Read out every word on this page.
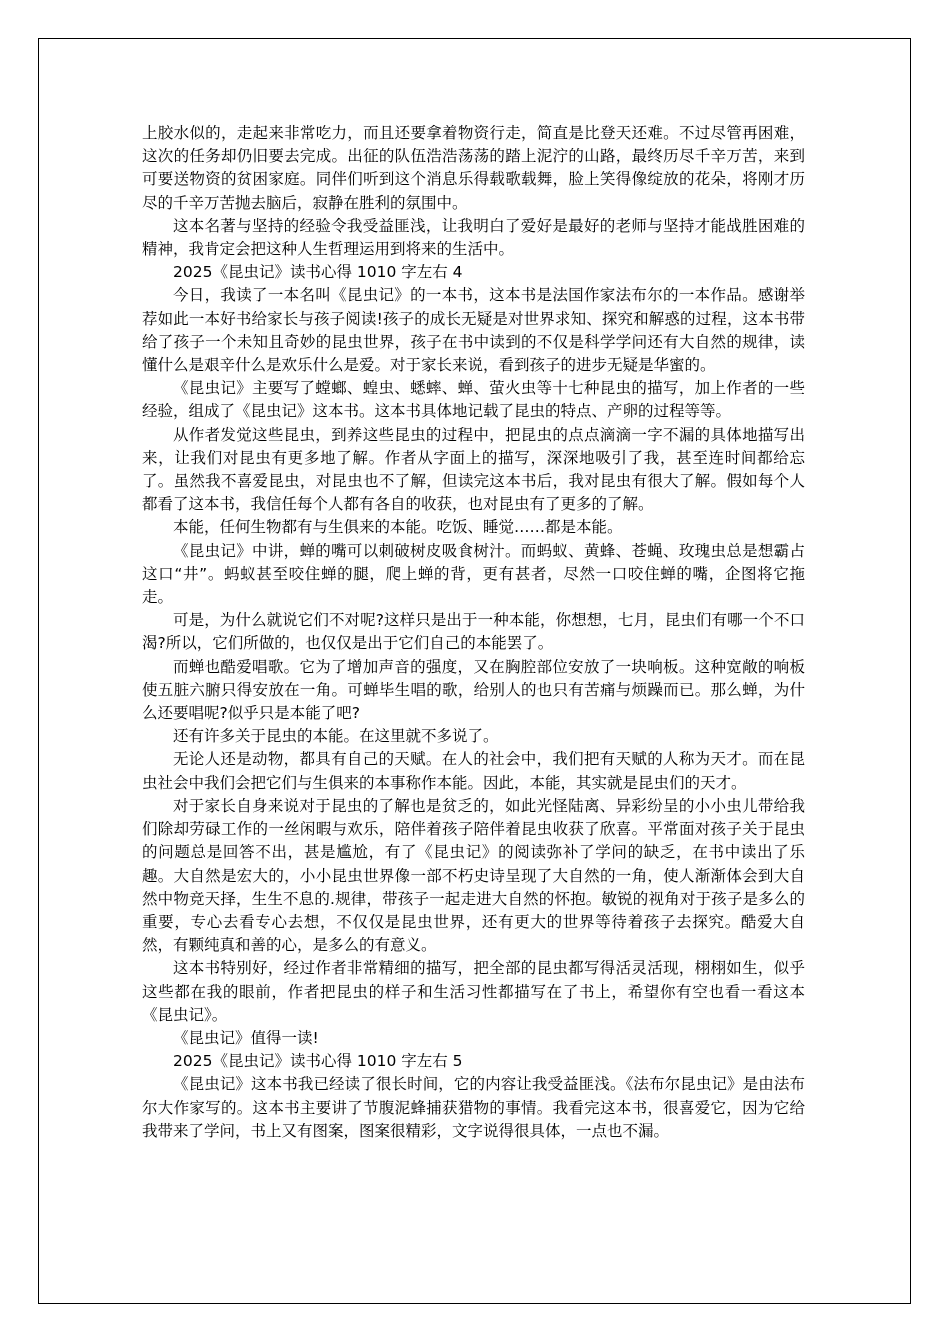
上胶水似的，走起来非常吃力，而且还要拿着物资行走，简直是比登天还难。不过尽管再困难，这次的任务却仍旧要去完成。出征的队伍浩浩荡荡的踏上泥泞的山路，最终历尽千辛万苦，来到可要送物资的贫困家庭。同伴们听到这个消息乐得载歌载舞，脸上笑得像绽放的花朵，将刚才历尽的千辛万苦抛去脑后，寂静在胜利的氛围中。

这本名著与坚持的经验令我受益匪浅，让我明白了爱好是最好的老师与坚持才能战胜困难的精神，我肯定会把这种人生哲理运用到将来的生活中。

2025《昆虫记》读书心得 1010 字左右 4

今日，我读了一本名叫《昆虫记》的一本书，这本书是法国作家法布尔的一本作品。感谢举荐如此一本好书给家长与孩子阅读!孩子的成长无疑是对世界求知、探究和解惑的过程，这本书带给了孩子一个未知且奇妙的昆虫世界，孩子在书中读到的不仅是科学学问还有大自然的规律，读懂什么是艰辛什么是欢乐什么是爱。对于家长来说，看到孩子的进步无疑是华蜜的。

《昆虫记》主要写了螳螂、蝗虫、蟋蟀、蝉、萤火虫等十七种昆虫的描写，加上作者的一些经验，组成了《昆虫记》这本书。这本书具体地记载了昆虫的特点、产卵的过程等等。

从作者发觉这些昆虫，到养这些昆虫的过程中，把昆虫的点点滴滴一字不漏的具体地描写出来，让我们对昆虫有更多地了解。作者从字面上的描写，深深地吸引了我，甚至连时间都给忘了。虽然我不喜爱昆虫，对昆虫也不了解，但读完这本书后，我对昆虫有很大了解。假如每个人都看了这本书，我信任每个人都有各自的收获，也对昆虫有了更多的了解。

本能，任何生物都有与生俱来的本能。吃饭、睡觉……都是本能。

《昆虫记》中讲，蝉的嘴可以刺破树皮吸食树汁。而蚂蚁、黄蜂、苍蝇、玫瑰虫总是想霸占这口“井”。蚂蚁甚至咬住蝉的腿，爬上蝉的背，更有甚者，尽然一口咬住蝉的嘴，企图将它拖走。

可是，为什么就说它们不对呢?这样只是出于一种本能，你想想，七月，昆虫们有哪一个不口渴?所以，它们所做的，也仅仅是出于它们自己的本能罢了。

而蝉也酷爱唱歌。它为了增加声音的强度，又在胸腔部位安放了一块响板。这种宽敞的响板使五脏六腑只得安放在一角。可蝉毕生唱的歌，给别人的也只有苦痛与烦躁而已。那么蝉，为什么还要唱呢?似乎只是本能了吧?

还有许多关于昆虫的本能。在这里就不多说了。

无论人还是动物，都具有自己的天赋。在人的社会中，我们把有天赋的人称为天才。而在昆虫社会中我们会把它们与生俱来的本事称作本能。因此，本能，其实就是昆虫们的天才。

对于家长自身来说对于昆虫的了解也是贫乏的，如此光怪陆离、异彩纷呈的小小虫儿带给我们除却劳碌工作的一丝闲暇与欢乐，陪伴着孩子陪伴着昆虫收获了欣喜。平常面对孩子关于昆虫的问题总是回答不出，甚是尴尬，有了《昆虫记》的阅读弥补了学问的缺乏，在书中读出了乐趣。大自然是宏大的，小小昆虫世界像一部不朽史诗呈现了大自然的一角，使人渐渐体会到大自然中物竞天择，生生不息的.规律，带孩子一起走进大自然的怀抱。敏锐的视角对于孩子是多么的重要，专心去看专心去想，不仅仅是昆虫世界，还有更大的世界等待着孩子去探究。酷爱大自然，有颗纯真和善的心，是多么的有意义。

这本书特别好，经过作者非常精细的描写，把全部的昆虫都写得活灵活现，栩栩如生，似乎这些都在我的眼前，作者把昆虫的样子和生活习性都描写在了书上，希望你有空也看一看这本《昆虫记》。

《昆虫记》值得一读!

2025《昆虫记》读书心得 1010 字左右 5

《昆虫记》这本书我已经读了很长时间，它的内容让我受益匪浅。《法布尔昆虫记》是由法布尔大作家写的。这本书主要讲了节腹泥蜂捕获猎物的事情。我看完这本书，很喜爱它，因为它给我带来了学问，书上又有图案，图案很精彩，文字说得很具体，一点也不漏。
